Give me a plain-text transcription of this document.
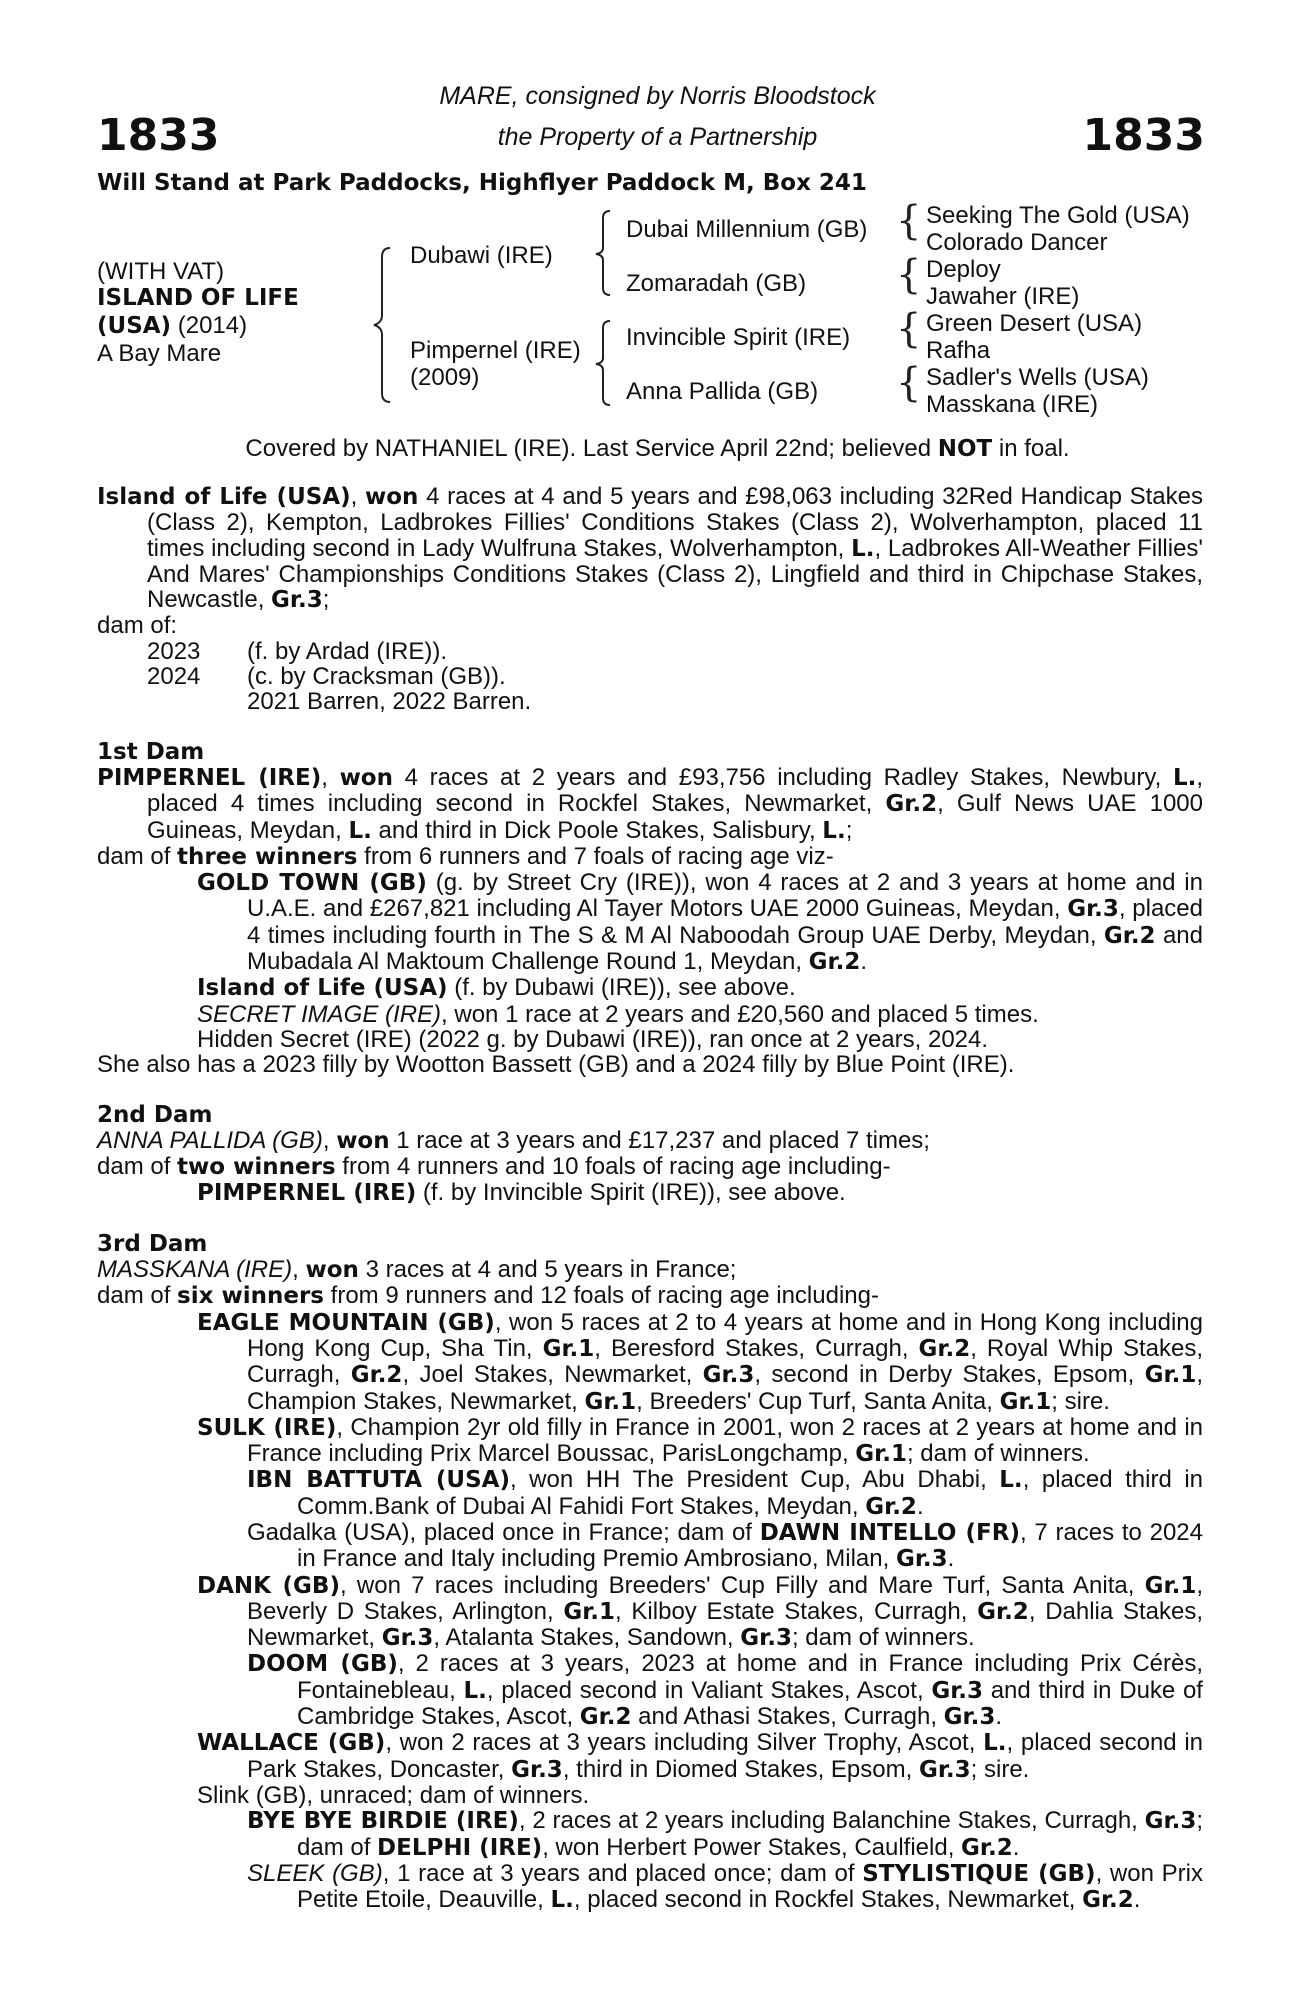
1833	1833
MARE, consigned by Norris Bloodstock
the Property of a Partnership
Will Stand at Park Paddocks, Highflyer Paddock M, Box 241
(WITH VAT)
ISLAND OF LIFE
(USA) (2014)
A Bay Mare
{
{
{
{
Dubawi (IRE)
Pimpernel (IRE)
(2009)
Dubai Millennium (GB)
Zomaradah (GB)
Invincible Spirit (IRE)
Anna Pallida (GB)
Seeking The Gold (USA)
Colorado Dancer
Deploy
Jawaher (IRE)
Green Desert (USA)
Rafha
Sadler's Wells (USA)
Masskana (IRE)
Covered by NATHANIEL (IRE). Last Service April 22nd; believed NOT in foal.

Island of Life (USA), won 4 races at 4 and 5 years and £98,063 including 32Red Handicap Stakes (Class 2), Kempton, Ladbrokes Fillies' Conditions Stakes (Class 2), Wolverhampton, placed 11 times including second in Lady Wulfruna Stakes, Wolverhampton, L., Ladbrokes All-Weather Fillies' And Mares' Championships Conditions Stakes (Class 2), Lingfield and third in Chipchase Stakes, Newcastle, Gr.3;

dam of:
2023 (f. by Ardad (IRE)).
2024 (c. by Cracksman (GB)).
2021 Barren, 2022 Barren.
1st Dam

PIMPERNEL (IRE), won 4 races at 2 years and £93,756 including Radley Stakes, Newbury, L., placed 4 times including second in Rockfel Stakes, Newmarket, Gr.2, Gulf News UAE 1000 Guineas, Meydan, L. and third in Dick Poole Stakes, Salisbury, L.;

dam of three winners from 6 runners and 7 foals of racing age viz-

GOLD TOWN (GB) (g. by Street Cry (IRE)), won 4 races at 2 and 3 years at home and in U.A.E. and £267,821 including Al Tayer Motors UAE 2000 Guineas, Meydan, Gr.3, placed 4 times including fourth in The S & M Al Naboodah Group UAE Derby, Meydan, Gr.2 and Mubadala Al Maktoum Challenge Round 1, Meydan, Gr.2.

Island of Life (USA) (f. by Dubawi (IRE)), see above.

SECRET IMAGE (IRE), won 1 race at 2 years and £20,560 and placed 5 times.

Hidden Secret (IRE) (2022 g. by Dubawi (IRE)), ran once at 2 years, 2024.

She also has a 2023 filly by Wootton Bassett (GB) and a 2024 filly by Blue Point (IRE).
2nd Dam
ANNA PALLIDA (GB), won 1 race at 3 years and £17,237 and placed 7 times;
dam of two winners from 4 runners and 10 foals of racing age including-

PIMPERNEL (IRE) (f. by Invincible Spirit (IRE)), see above.

3rd Dam
MASSKANA (IRE), won 3 races at 4 and 5 years in France;
dam of six winners from 9 runners and 12 foals of racing age including-

EAGLE MOUNTAIN (GB), won 5 races at 2 to 4 years at home and in Hong Kong including Hong Kong Cup, Sha Tin, Gr.1, Beresford Stakes, Curragh, Gr.2, Royal Whip Stakes, Curragh, Gr.2, Joel Stakes, Newmarket, Gr.3, second in Derby Stakes, Epsom, Gr.1, Champion Stakes, Newmarket, Gr.1, Breeders' Cup Turf, Santa Anita, Gr.1; sire.

SULK (IRE), Champion 2yr old filly in France in 2001, won 2 races at 2 years at home and in France including Prix Marcel Boussac, ParisLongchamp, Gr.1; dam of winners.

IBN BATTUTA (USA), won HH The President Cup, Abu Dhabi, L., placed third in Comm.Bank of Dubai Al Fahidi Fort Stakes, Meydan, Gr.2.

Gadalka (USA), placed once in France; dam of DAWN INTELLO (FR), 7 races to 2024 in France and Italy including Premio Ambrosiano, Milan, Gr.3.

DANK (GB), won 7 races including Breeders' Cup Filly and Mare Turf, Santa Anita, Gr.1, Beverly D Stakes, Arlington, Gr.1, Kilboy Estate Stakes, Curragh, Gr.2, Dahlia Stakes, Newmarket, Gr.3, Atalanta Stakes, Sandown, Gr.3; dam of winners.

DOOM (GB), 2 races at 3 years, 2023 at home and in France including Prix Cérès, Fontainebleau, L., placed second in Valiant Stakes, Ascot, Gr.3 and third in Duke of Cambridge Stakes, Ascot, Gr.2 and Athasi Stakes, Curragh, Gr.3.

WALLACE (GB), won 2 races at 3 years including Silver Trophy, Ascot, L., placed second in Park Stakes, Doncaster, Gr.3, third in Diomed Stakes, Epsom, Gr.3; sire.

Slink (GB), unraced; dam of winners.

BYE BYE BIRDIE (IRE), 2 races at 2 years including Balanchine Stakes, Curragh, Gr.3; dam of DELPHI (IRE), won Herbert Power Stakes, Caulfield, Gr.2.

SLEEK (GB), 1 race at 3 years and placed once; dam of STYLISTIQUE (GB), won Prix Petite Etoile, Deauville, L., placed second in Rockfel Stakes, Newmarket, Gr.2.
